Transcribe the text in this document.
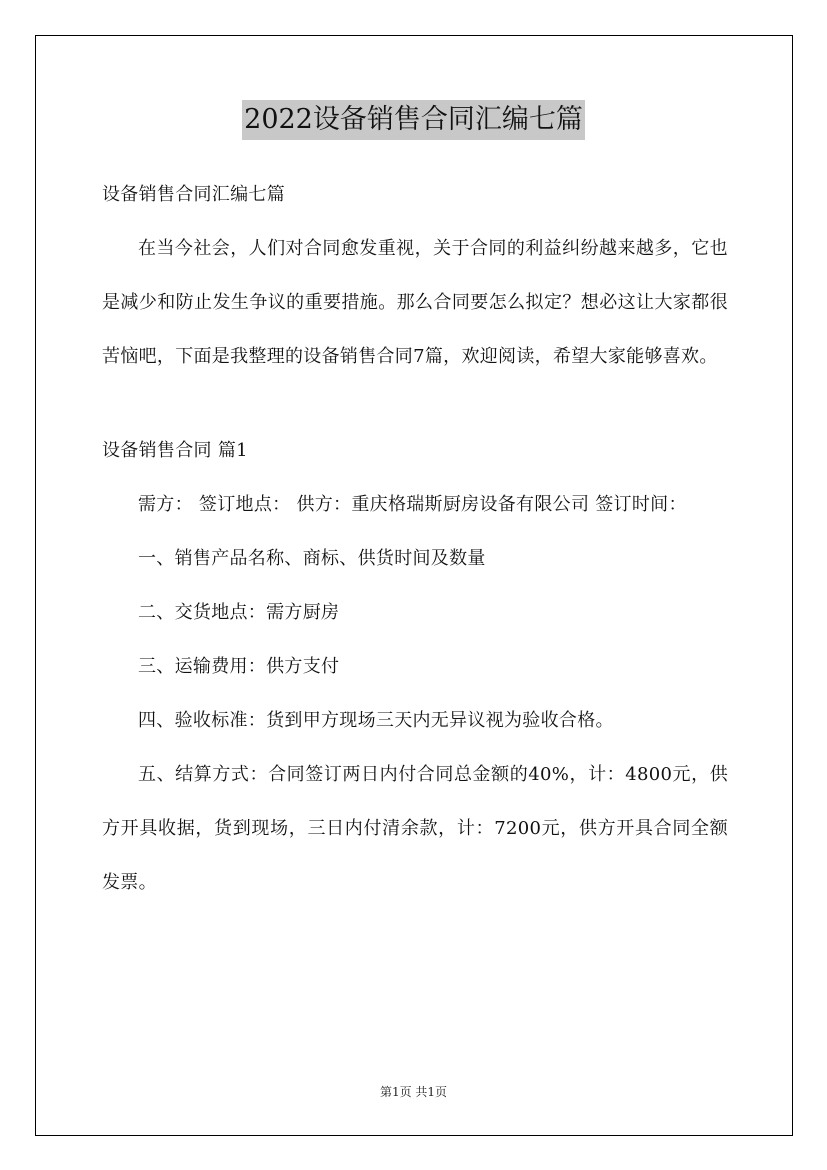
2022设备销售合同汇编七篇

设备销售合同汇编七篇

在当今社会，人们对合同愈发重视，关于合同的利益纠纷越来越多，它也是减少和防止发生争议的重要措施。那么合同要怎么拟定？想必这让大家都很苦恼吧，下面是我整理的设备销售合同7篇，欢迎阅读，希望大家能够喜欢。

设备销售合同 篇1

需方： 签订地点： 供方：重庆格瑞斯厨房设备有限公司 签订时间：

一、销售产品名称、商标、供货时间及数量

二、交货地点：需方厨房

三、运输费用：供方支付

四、验收标准：货到甲方现场三天内无异议视为验收合格。

五、结算方式：合同签订两日内付合同总金额的40%，计：4800元，供方开具收据，货到现场，三日内付清余款，计：7200元，供方开具合同全额发票。

第1页 共1页
